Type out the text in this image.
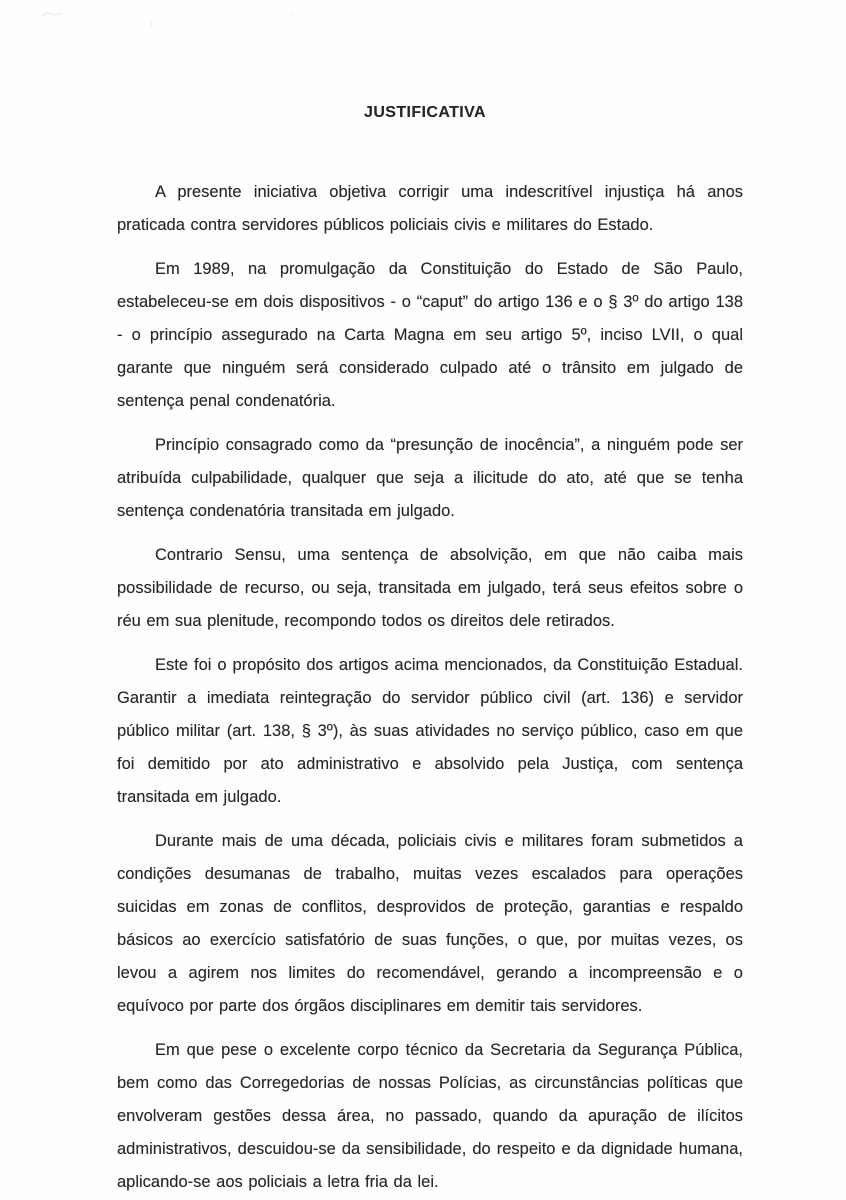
JUSTIFICATIVA

A presente iniciativa objetiva corrigir uma indescritível injustiça há anos praticada contra servidores públicos policiais civis e militares do Estado.

Em 1989, na promulgação da Constituição do Estado de São Paulo, estabeleceu-se em dois dispositivos - o “caput” do artigo 136 e o § 3º do artigo 138 - o princípio assegurado na Carta Magna em seu artigo 5º, inciso LVII, o qual garante que ninguém será considerado culpado até o trânsito em julgado de sentença penal condenatória.

Princípio consagrado como da “presunção de inocência”, a ninguém pode ser atribuída culpabilidade, qualquer que seja a ilicitude do ato, até que se tenha sentença condenatória transitada em julgado.

Contrario Sensu, uma sentença de absolvição, em que não caiba mais possibilidade de recurso, ou seja, transitada em julgado, terá seus efeitos sobre o réu em sua plenitude, recompondo todos os direitos dele retirados.

Este foi o propósito dos artigos acima mencionados, da Constituição Estadual. Garantir a imediata reintegração do servidor público civil (art. 136) e servidor público militar (art. 138, § 3º), às suas atividades no serviço público, caso em que foi demitido por ato administrativo e absolvido pela Justiça, com sentença transitada em julgado.

Durante mais de uma década, policiais civis e militares foram submetidos a condições desumanas de trabalho, muitas vezes escalados para operações suicidas em zonas de conflitos, desprovidos de proteção, garantias e respaldo básicos ao exercício satisfatório de suas funções, o que, por muitas vezes, os levou a agirem nos limites do recomendável, gerando a incompreensão e o equívoco por parte dos órgãos disciplinares em demitir tais servidores.

Em que pese o excelente corpo técnico da Secretaria da Segurança Pública, bem como das Corregedorias de nossas Polícias, as circunstâncias políticas que envolveram gestões dessa área, no passado, quando da apuração de ilícitos administrativos, descuidou-se da sensibilidade, do respeito e da dignidade humana, aplicando-se aos policiais a letra fria da lei.
